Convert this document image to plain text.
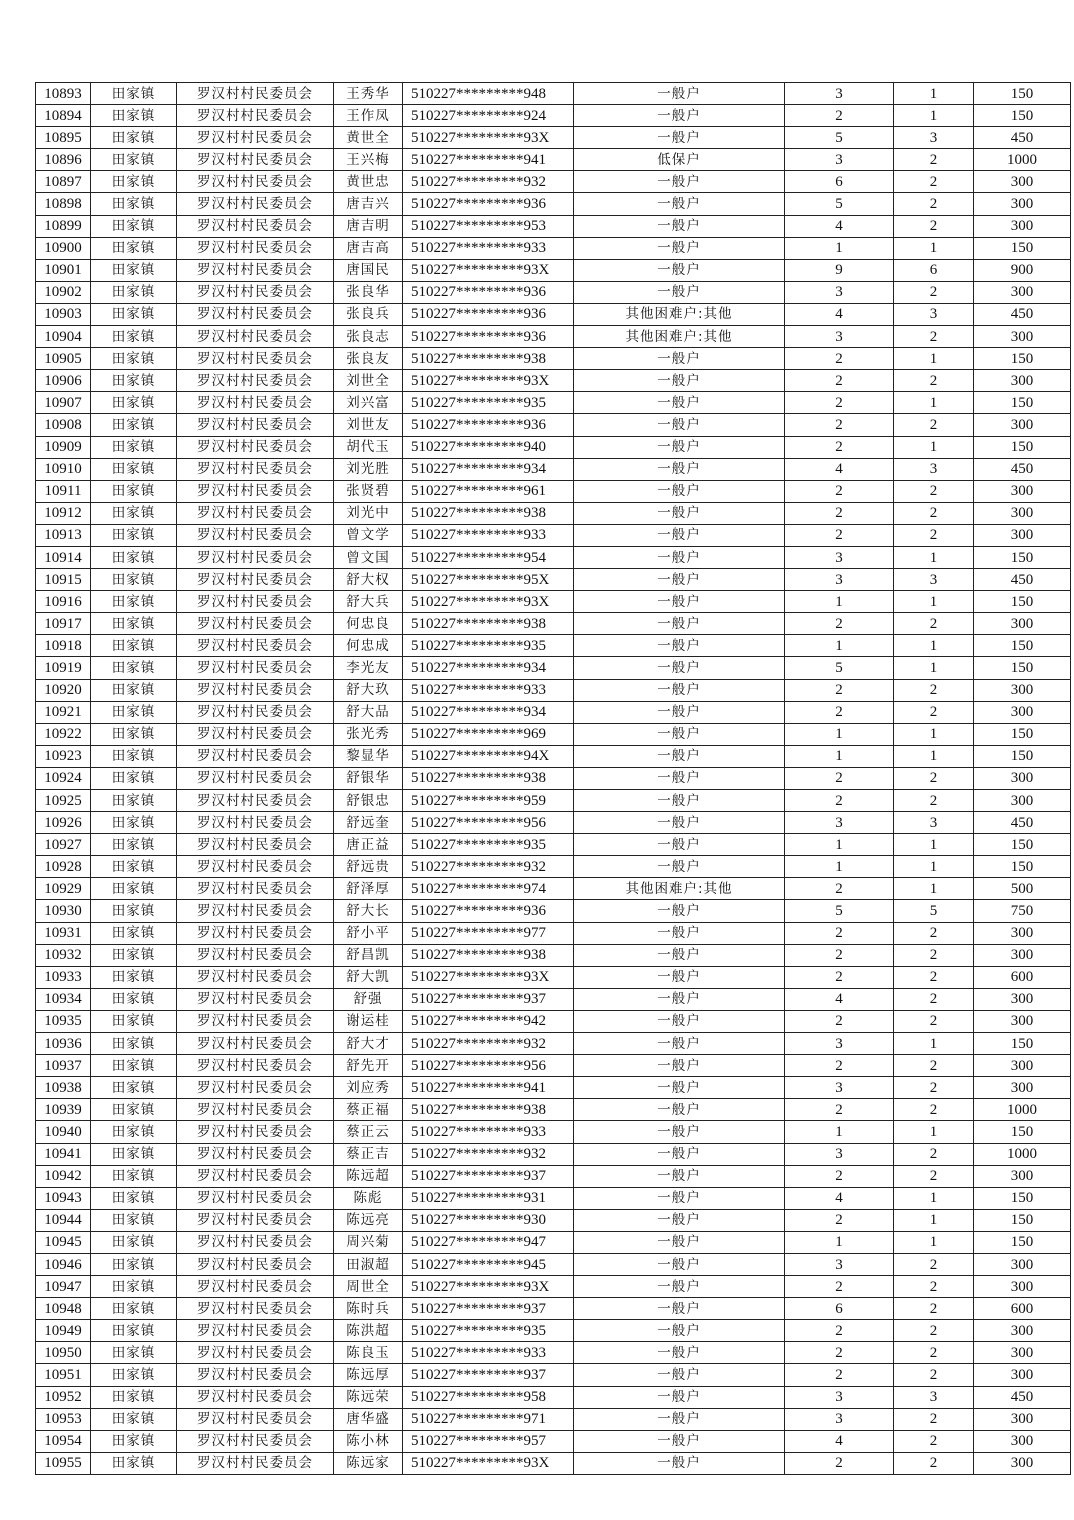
10893	田家镇	罗汉村村民委员会	王秀华	510227*********948	一般户	3	1	150
10894	田家镇	罗汉村村民委员会	王作凤	510227*********924	一般户	2	1	150
10895	田家镇	罗汉村村民委员会	黄世全	510227*********93X	一般户	5	3	450
10896	田家镇	罗汉村村民委员会	王兴梅	510227*********941	低保户	3	2	1000
10897	田家镇	罗汉村村民委员会	黄世忠	510227*********932	一般户	6	2	300
10898	田家镇	罗汉村村民委员会	唐吉兴	510227*********936	一般户	5	2	300
10899	田家镇	罗汉村村民委员会	唐吉明	510227*********953	一般户	4	2	300
10900	田家镇	罗汉村村民委员会	唐吉高	510227*********933	一般户	1	1	150
10901	田家镇	罗汉村村民委员会	唐国民	510227*********93X	一般户	9	6	900
10902	田家镇	罗汉村村民委员会	张良华	510227*********936	一般户	3	2	300
10903	田家镇	罗汉村村民委员会	张良兵	510227*********936	其他困难户:其他	4	3	450
10904	田家镇	罗汉村村民委员会	张良志	510227*********936	其他困难户:其他	3	2	300
10905	田家镇	罗汉村村民委员会	张良友	510227*********938	一般户	2	1	150
10906	田家镇	罗汉村村民委员会	刘世全	510227*********93X	一般户	2	2	300
10907	田家镇	罗汉村村民委员会	刘兴富	510227*********935	一般户	2	1	150
10908	田家镇	罗汉村村民委员会	刘世友	510227*********936	一般户	2	2	300
10909	田家镇	罗汉村村民委员会	胡代玉	510227*********940	一般户	2	1	150
10910	田家镇	罗汉村村民委员会	刘光胜	510227*********934	一般户	4	3	450
10911	田家镇	罗汉村村民委员会	张贤碧	510227*********961	一般户	2	2	300
10912	田家镇	罗汉村村民委员会	刘光中	510227*********938	一般户	2	2	300
10913	田家镇	罗汉村村民委员会	曾文学	510227*********933	一般户	2	2	300
10914	田家镇	罗汉村村民委员会	曾文国	510227*********954	一般户	3	1	150
10915	田家镇	罗汉村村民委员会	舒大权	510227*********95X	一般户	3	3	450
10916	田家镇	罗汉村村民委员会	舒大兵	510227*********93X	一般户	1	1	150
10917	田家镇	罗汉村村民委员会	何忠良	510227*********938	一般户	2	2	300
10918	田家镇	罗汉村村民委员会	何忠成	510227*********935	一般户	1	1	150
10919	田家镇	罗汉村村民委员会	李光友	510227*********934	一般户	5	1	150
10920	田家镇	罗汉村村民委员会	舒大玖	510227*********933	一般户	2	2	300
10921	田家镇	罗汉村村民委员会	舒大品	510227*********934	一般户	2	2	300
10922	田家镇	罗汉村村民委员会	张光秀	510227*********969	一般户	1	1	150
10923	田家镇	罗汉村村民委员会	黎显华	510227*********94X	一般户	1	1	150
10924	田家镇	罗汉村村民委员会	舒银华	510227*********938	一般户	2	2	300
10925	田家镇	罗汉村村民委员会	舒银忠	510227*********959	一般户	2	2	300
10926	田家镇	罗汉村村民委员会	舒远奎	510227*********956	一般户	3	3	450
10927	田家镇	罗汉村村民委员会	唐正益	510227*********935	一般户	1	1	150
10928	田家镇	罗汉村村民委员会	舒远贵	510227*********932	一般户	1	1	150
10929	田家镇	罗汉村村民委员会	舒泽厚	510227*********974	其他困难户:其他	2	1	500
10930	田家镇	罗汉村村民委员会	舒大长	510227*********936	一般户	5	5	750
10931	田家镇	罗汉村村民委员会	舒小平	510227*********977	一般户	2	2	300
10932	田家镇	罗汉村村民委员会	舒昌凯	510227*********938	一般户	2	2	300
10933	田家镇	罗汉村村民委员会	舒大凯	510227*********93X	一般户	2	2	600
10934	田家镇	罗汉村村民委员会	舒强	510227*********937	一般户	4	2	300
10935	田家镇	罗汉村村民委员会	谢运桂	510227*********942	一般户	2	2	300
10936	田家镇	罗汉村村民委员会	舒大才	510227*********932	一般户	3	1	150
10937	田家镇	罗汉村村民委员会	舒先开	510227*********956	一般户	2	2	300
10938	田家镇	罗汉村村民委员会	刘应秀	510227*********941	一般户	3	2	300
10939	田家镇	罗汉村村民委员会	蔡正福	510227*********938	一般户	2	2	1000
10940	田家镇	罗汉村村民委员会	蔡正云	510227*********933	一般户	1	1	150
10941	田家镇	罗汉村村民委员会	蔡正吉	510227*********932	一般户	3	2	1000
10942	田家镇	罗汉村村民委员会	陈远超	510227*********937	一般户	2	2	300
10943	田家镇	罗汉村村民委员会	陈彪	510227*********931	一般户	4	1	150
10944	田家镇	罗汉村村民委员会	陈远亮	510227*********930	一般户	2	1	150
10945	田家镇	罗汉村村民委员会	周兴菊	510227*********947	一般户	1	1	150
10946	田家镇	罗汉村村民委员会	田淑超	510227*********945	一般户	3	2	300
10947	田家镇	罗汉村村民委员会	周世全	510227*********93X	一般户	2	2	300
10948	田家镇	罗汉村村民委员会	陈时兵	510227*********937	一般户	6	2	600
10949	田家镇	罗汉村村民委员会	陈洪超	510227*********935	一般户	2	2	300
10950	田家镇	罗汉村村民委员会	陈良玉	510227*********933	一般户	2	2	300
10951	田家镇	罗汉村村民委员会	陈远厚	510227*********937	一般户	2	2	300
10952	田家镇	罗汉村村民委员会	陈远荣	510227*********958	一般户	3	3	450
10953	田家镇	罗汉村村民委员会	唐华盛	510227*********971	一般户	3	2	300
10954	田家镇	罗汉村村民委员会	陈小林	510227*********957	一般户	4	2	300
10955	田家镇	罗汉村村民委员会	陈远家	510227*********93X	一般户	2	2	300
